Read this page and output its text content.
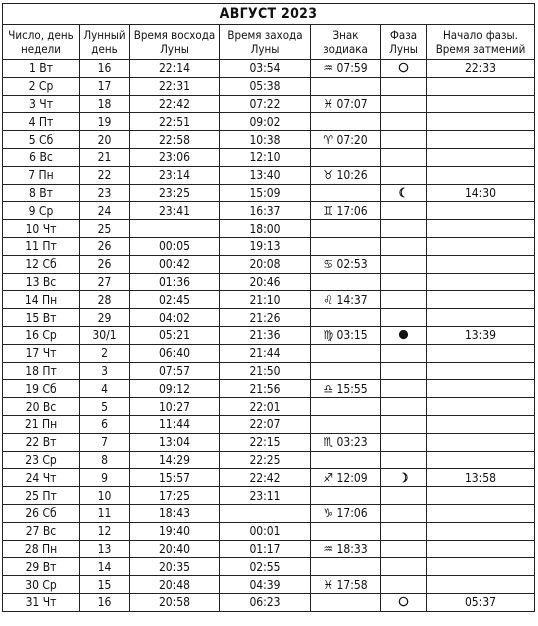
АВГУСТ 2023						
Число, день недели	Лунный день	Время восхода Луны	Время захода Луны	Знак зодиака	Фаза Луны	Начало фазы. Время затмений
1 Вт	16	22:14	03:54	♒ 07:59		22:33
2 Ср	17	22:31	05:38			
3 Чт	18	22:42	07:22	♓ 07:07		
4 Пт	19	22:51	09:02			
5 Сб	20	22:58	10:38	♈ 07:20		
6 Вс	21	23:06	12:10			
7 Пн	22	23:14	13:40	♉ 10:26		
8 Вт	23	23:25	15:09			14:30
9 Ср	24	23:41	16:37	♊ 17:06		
10 Чт	25		18:00			
11 Пт	26	00:05	19:13			
12 Сб	26	00:42	20:08	♋ 02:53		
13 Вс	27	01:36	20:46			
14 Пн	28	02:45	21:10	♌ 14:37		
15 Вт	29	04:02	21:26			
16 Ср	30/1	05:21	21:36	♍ 03:15		13:39
17 Чт	2	06:40	21:44			
18 Пт	3	07:57	21:50			
19 Сб	4	09:12	21:56	♎ 15:55		
20 Вс	5	10:27	22:01			
21 Пн	6	11:44	22:07			
22 Вт	7	13:04	22:15	♏ 03:23		
23 Ср	8	14:29	22:25			
24 Чт	9	15:57	22:42	♐ 12:09		13:58
25 Пт	10	17:25	23:11			
26 Сб	11	18:43		♑ 17:06		
27 Вс	12	19:40	00:01			
28 Пн	13	20:40	01:17	♒ 18:33		
29 Вт	14	20:35	02:55			
30 Ср	15	20:48	04:39	♓ 17:58		
31 Чт	16	20:58	06:23			05:37
